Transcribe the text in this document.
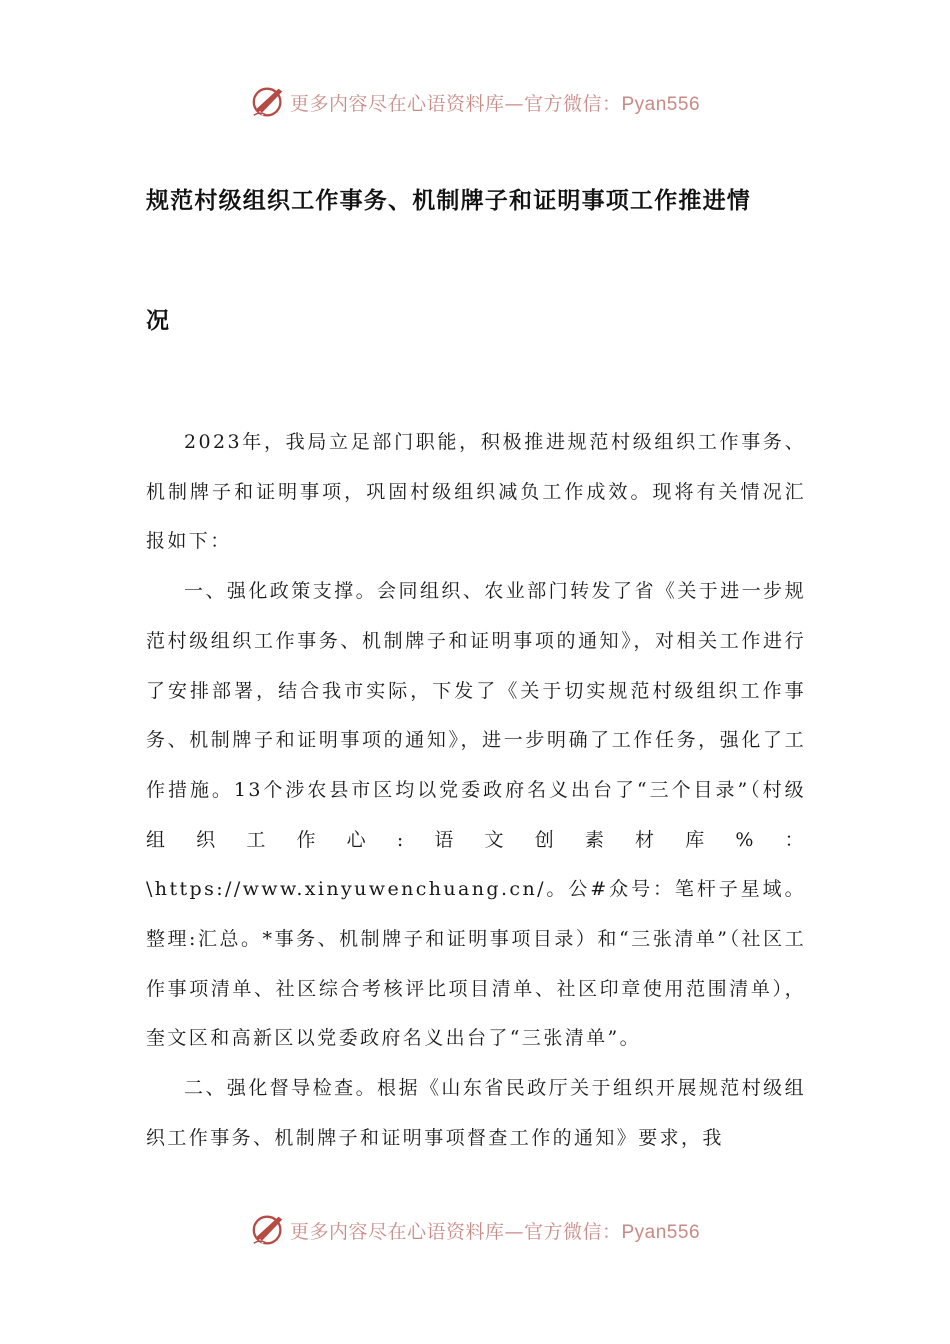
更多内容尽在心语资料库—官方微信：Pyan556
规范村级组织工作事务、机制牌子和证明事项工作推进情
况

2023年，我局立足部门职能，积极推进规范村级组织工作事务、机制牌子和证明事项，巩固村级组织减负工作成效。现将有关情况汇报如下：

一、强化政策支撑。会同组织、农业部门转发了省《关于进一步规范村级组织工作事务、机制牌子和证明事项的通知》，对相关工作进行了安排部署，结合我市实际，下发了《关于切实规范村级组织工作事务、机制牌子和证明事项的通知》，进一步明确了工作任务，强化了工作措施。13个涉农县市区均以党委政府名义出台了“三个目录”（村级组织工作心:语文创素材库%：\https://www.xinyuwenchuang.cn/。公#众号：笔杆子星域。整理:汇总。*事务、机制牌子和证明事项目录）和“三张清单”（社区工作事项清单、社区综合考核评比项目清单、社区印章使用范围清单），奎文区和高新区以党委政府名义出台了“三张清单”。

二、强化督导检查。根据《山东省民政厅关于组织开展规范村级组织工作事务、机制牌子和证明事项督查工作的通知》要求，我

更多内容尽在心语资料库—官方微信：Pyan556
